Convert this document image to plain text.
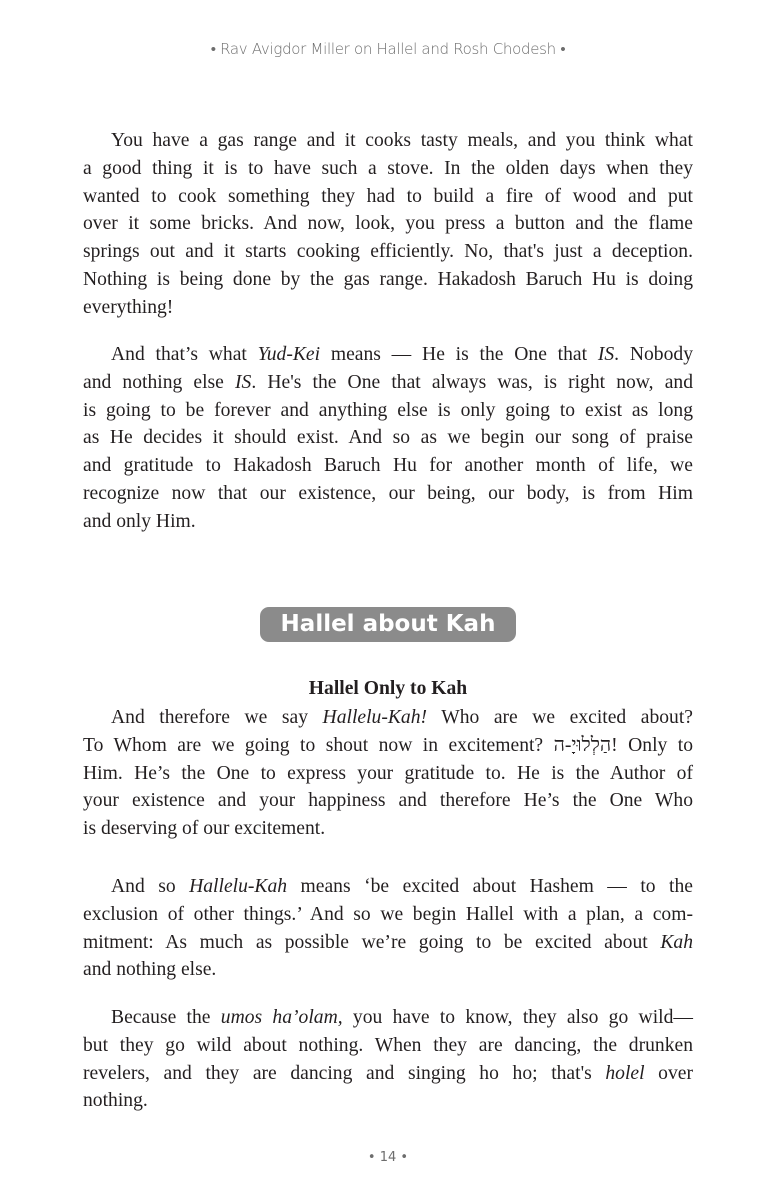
• Rav Avigdor Miller on Hallel and Rosh Chodesh •
You have a gas range and it cooks tasty meals, and you think what
a good thing it is to have such a stove. In the olden days when they
wanted to cook something they had to build a fire of wood and put
over it some bricks. And now, look, you press a button and the flame
springs out and it starts cooking efficiently. No, that's just a deception.
Nothing is being done by the gas range. Hakadosh Baruch Hu is doing
everything!
And that’s what Yud-Kei means — He is the One that IS. Nobody
and nothing else IS. He's the One that always was, is right now, and
is going to be forever and anything else is only going to exist as long
as He decides it should exist. And so as we begin our song of praise
and gratitude to Hakadosh Baruch Hu for another month of life, we
recognize now that our existence, our being, our body, is from Him
and only Him.
Hallel about Kah
Hallel Only to Kah
And therefore we say Hallelu-Kah! Who are we excited about?
To Whom are we going to shout now in excitement? הַלְלוּיָ-ה! Only to
Him. He’s the One to express your gratitude to. He is the Author of
your existence and your happiness and therefore He’s the One Who
is deserving of our excitement.
And so Hallelu-Kah means ‘be excited about Hashem — to the
exclusion of other things.’ And so we begin Hallel with a plan, a com-
mitment: As much as possible we’re going to be excited about Kah
and nothing else.
Because the umos ha’olam, you have to know, they also go wild—
but they go wild about nothing. When they are dancing, the drunken
revelers, and they are dancing and singing ho ho; that's holel over
nothing.
• 14 •
